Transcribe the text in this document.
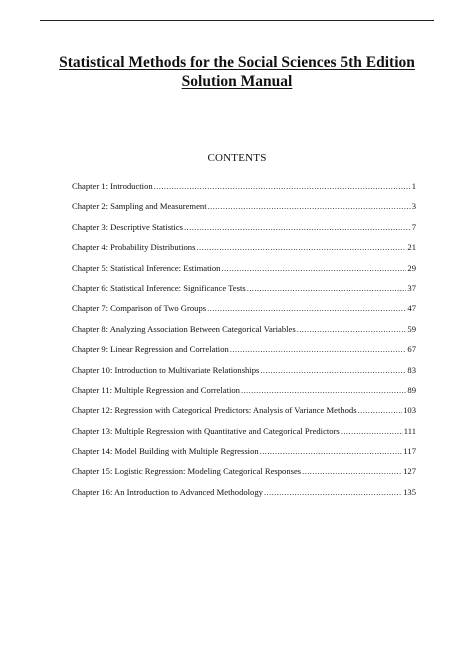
Statistical Methods for the Social Sciences 5th Edition
Solution Manual
CONTENTS
Chapter 1: Introduction .....	1
Chapter 2: Sampling and Measurement .....	3
Chapter 3: Descriptive Statistics .....	7
Chapter 4: Probability Distributions .....	21
Chapter 5: Statistical Inference: Estimation .....	29
Chapter 6: Statistical Inference: Significance Tests .....	37
Chapter 7: Comparison of Two Groups .....	47
Chapter 8: Analyzing Association Between Categorical Variables .....	59
Chapter 9: Linear Regression and Correlation .....	67
Chapter 10: Introduction to Multivariate Relationships .....	83
Chapter 11: Multiple Regression and Correlation .....	89
Chapter 12: Regression with Categorical Predictors: Analysis of Variance Methods .....	103
Chapter 13: Multiple Regression with Quantitative and Categorical Predictors .....	111
Chapter 14: Model Building with Multiple Regression .....	117
Chapter 15: Logistic Regression: Modeling Categorical Responses .....	127
Chapter 16: An Introduction to Advanced Methodology .....	135
